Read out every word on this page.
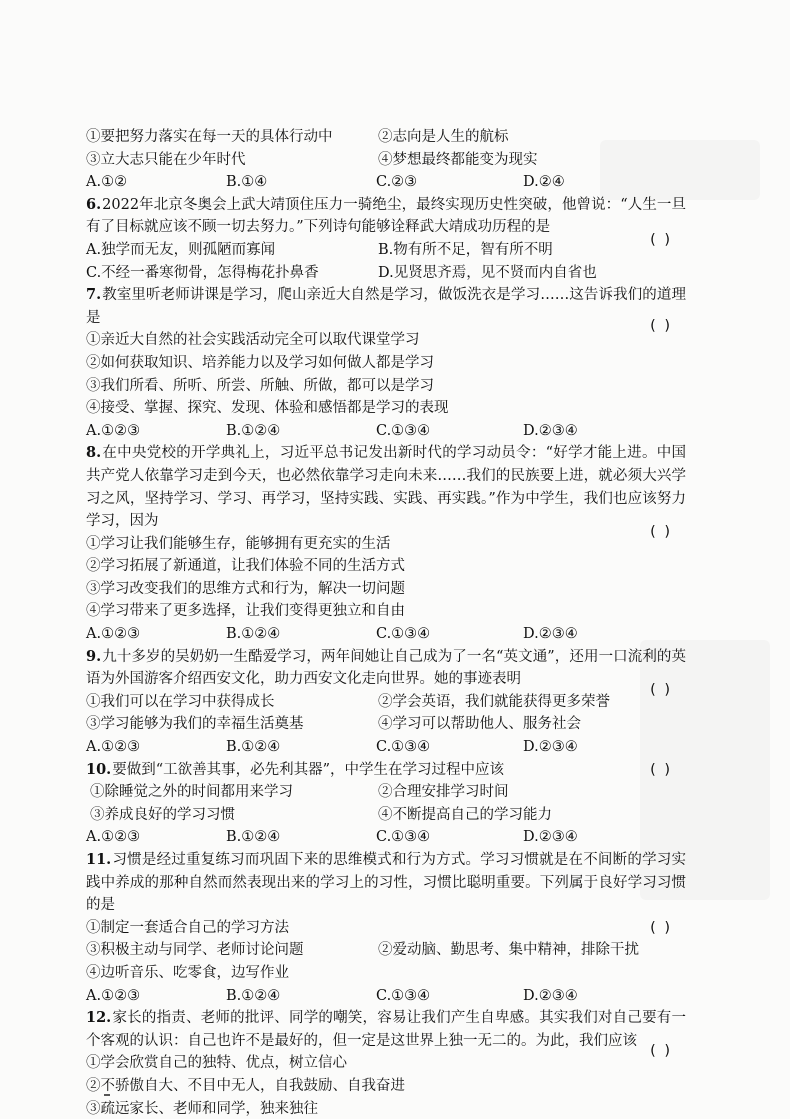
①要把努力落实在每一天的具体行动中	②志向是人生的航标
③立大志只能在少年时代	④梦想最终都能变为现实
A.①②	B.①④	C.②③	D.②④
6.2022年北京冬奥会上武大靖顶住压力一骑绝尘，最终实现历史性突破，他曾说：“人生一旦有了目标就应该不顾一切去努力。”下列诗句能够诠释武大靖成功历程的是
A.独学而无友，则孤陋而寡闻	B.物有所不足，智有所不明
( )
C.不经一番寒彻骨，怎得梅花扑鼻香	D.见贤思齐焉，见不贤而内自省也
7.教室里听老师讲课是学习，爬山亲近大自然是学习，做饭洗衣是学习……这告诉我们的道理是
①亲近大自然的社会实践活动完全可以取代课堂学习
( )
②如何获取知识、培养能力以及学习如何做人都是学习
③我们所看、所听、所尝、所触、所做，都可以是学习
④接受、掌握、探究、发现、体验和感悟都是学习的表现
A.①②③	B.①②④	C.①③④	D.②③④
8.在中央党校的开学典礼上，习近平总书记发出新时代的学习动员令：“好学才能上进。中国共产党人依靠学习走到今天，也必然依靠学习走向未来……我们的民族要上进，就必须大兴学习之风，坚持学习、学习、再学习，坚持实践、实践、再实践。”作为中学生，我们也应该努力学习，因为
①学习让我们能够生存，能够拥有更充实的生活
( )
②学习拓展了新通道，让我们体验不同的生活方式
③学习改变我们的思维方式和行为，解决一切问题
④学习带来了更多选择，让我们变得更独立和自由
A.①②③	B.①②④	C.①③④	D.②③④
9.九十多岁的吴奶奶一生酷爱学习，两年间她让自己成为了一名“英文通”，还用一口流利的英语为外国游客介绍西安文化，助力西安文化走向世界。她的事迹表明
①我们可以在学习中获得成长	②学会英语，我们就能获得更多荣誉
( )
③学习能够为我们的幸福生活奠基	④学习可以帮助他人、服务社会
A.①②③	B.①②④	C.①③④	D.②③④
10.要做到“工欲善其事，必先利其器”，中学生在学习过程中应该	( )
①除睡觉之外的时间都用来学习	②合理安排学习时间
③养成良好的学习习惯	④不断提高自己的学习能力
A.①②③	B.①②④	C.①③④	D.②③④
11.习惯是经过重复练习而巩固下来的思维模式和行为方式。学习习惯就是在不间断的学习实践中养成的那种自然而然表现出来的学习上的习性，习惯比聪明重要。下列属于良好学习习惯的是
①制定一套适合自己的学习方法	( )
③积极主动与同学、老师讨论问题	②爱动脑、勤思考、集中精神，排除干扰
④边听音乐、吃零食，边写作业
A.①②③	B.①②④	C.①③④	D.②③④
12.家长的指责、老师的批评、同学的嘲笑，容易让我们产生自卑感。其实我们对自己要有一个客观的认识：自己也许不是最好的，但一定是这世界上独一无二的。为此，我们应该
①学会欣赏自己的独特、优点，树立信心
( )
②不骄傲自大、不目中无人，自我鼓励、自我奋进
③疏远家长、老师和同学，独来独往
